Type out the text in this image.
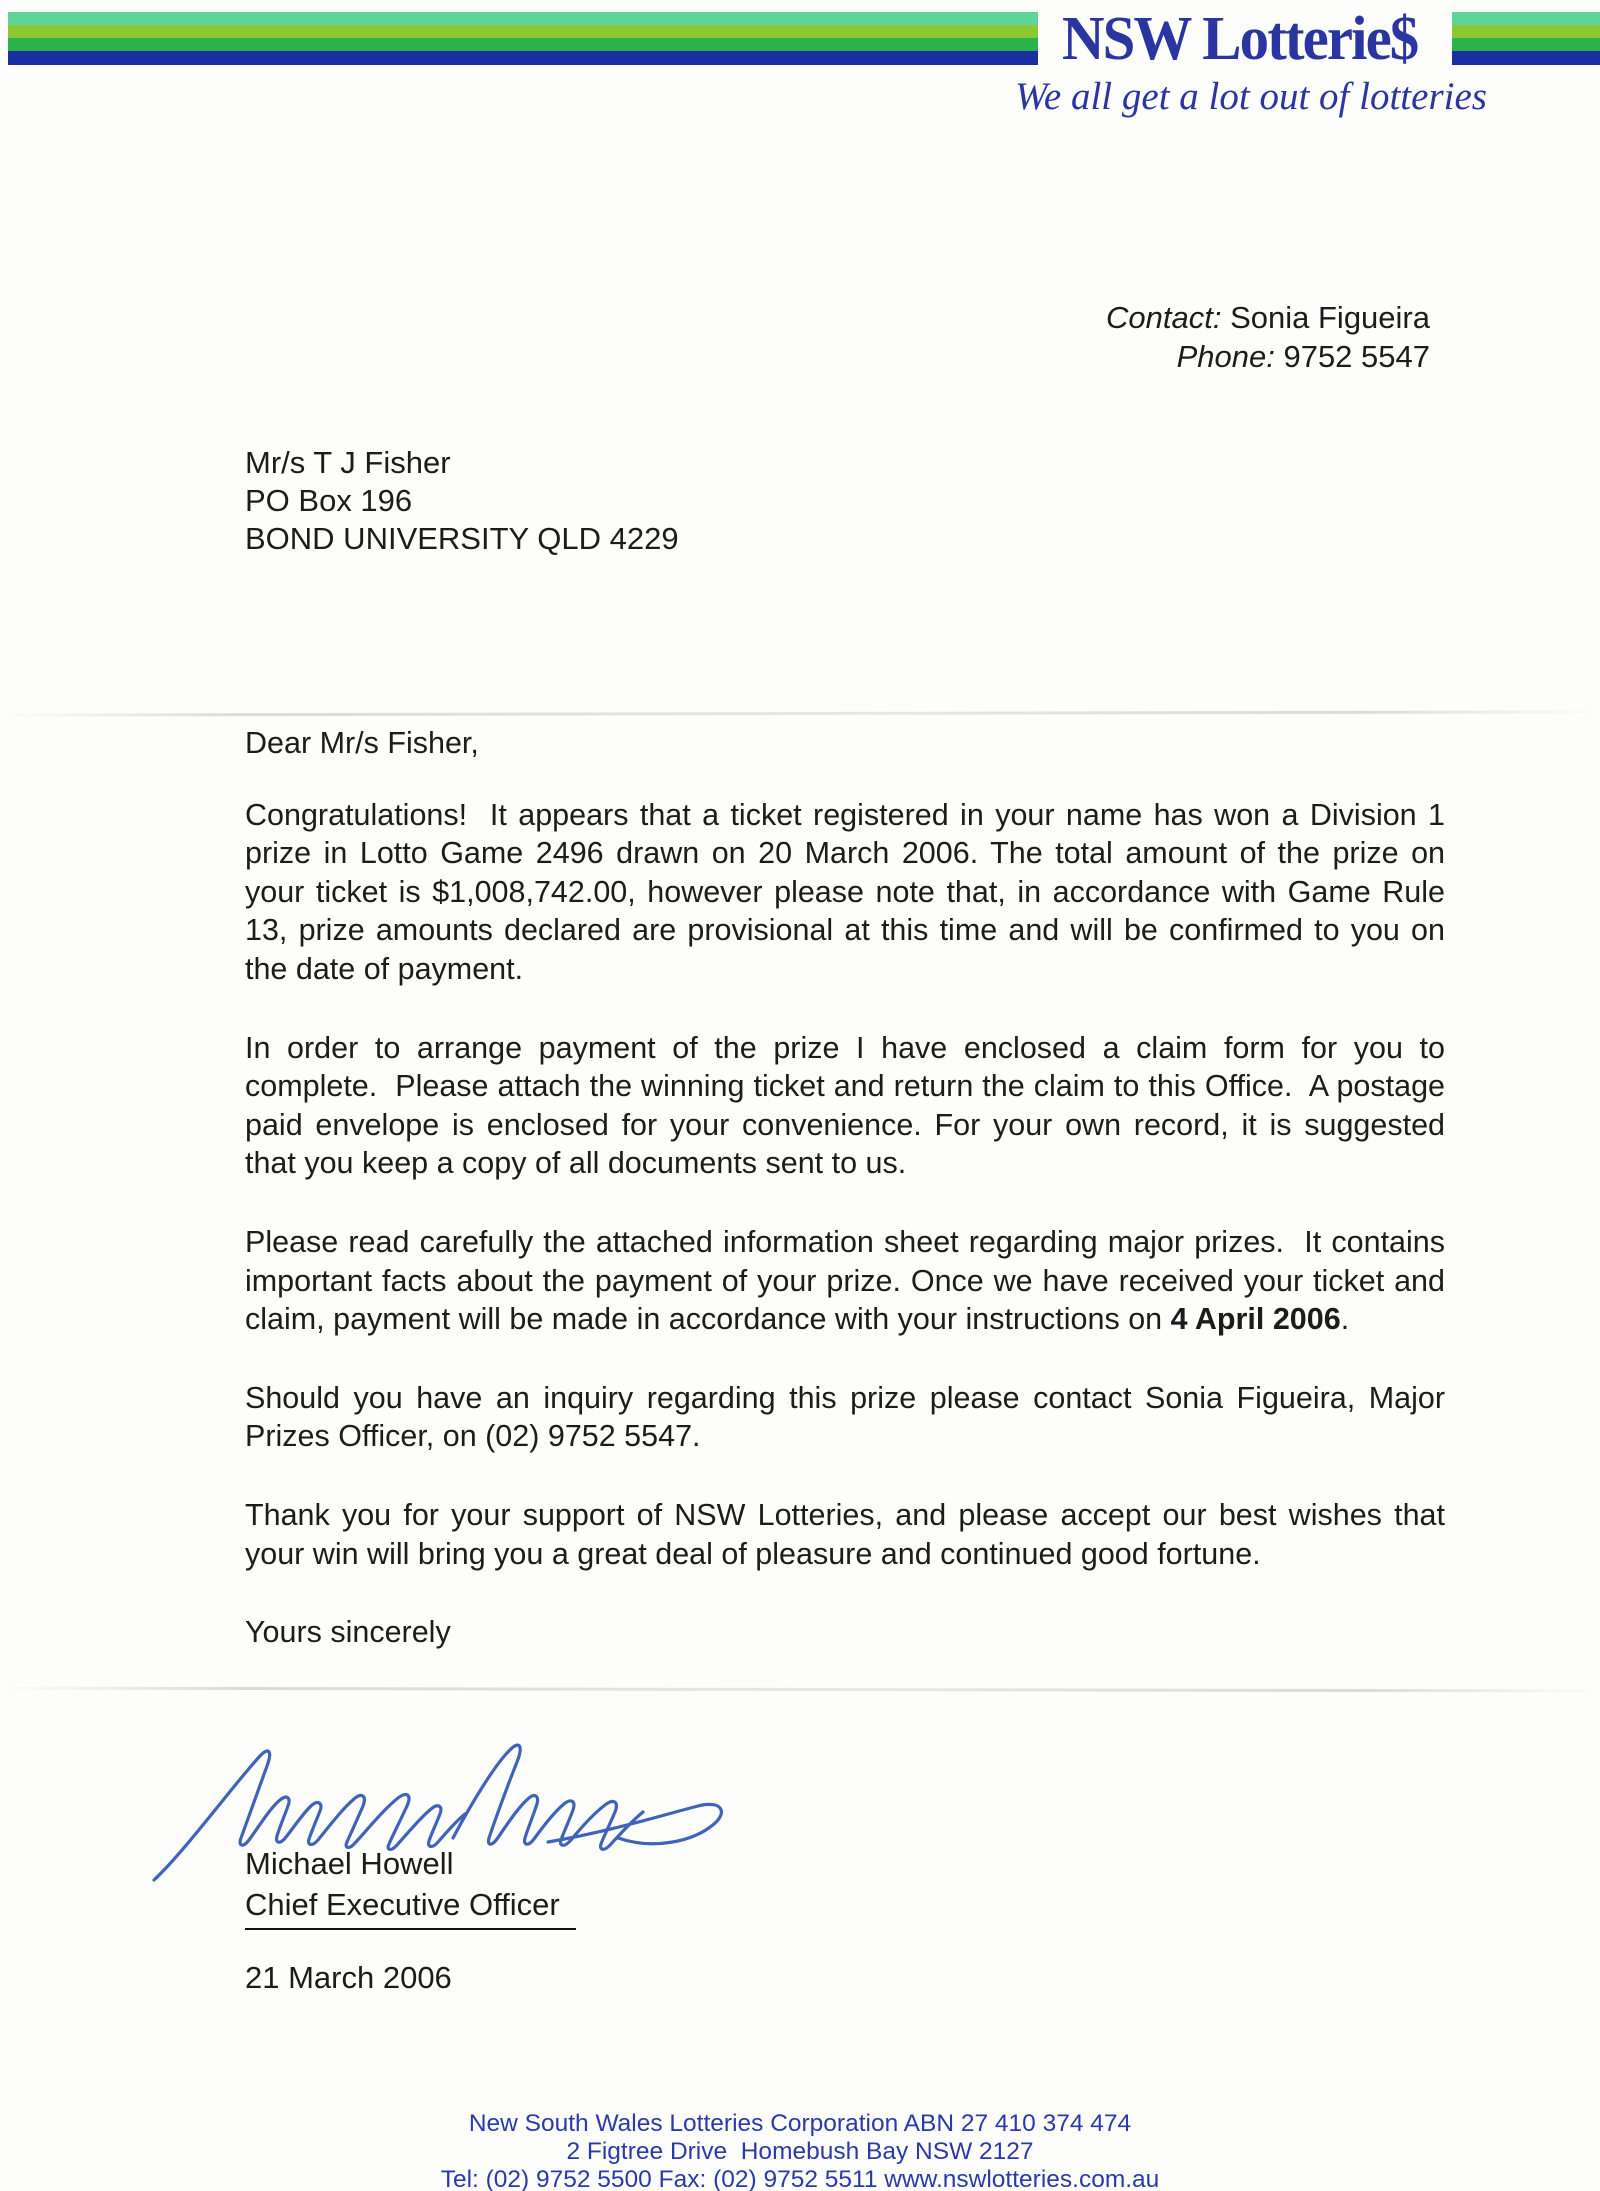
NSW Lotterie$
We all get a lot out of lotteries
Contact: Sonia Figueira
Phone: 9752 5547
Mr/s T J Fisher
PO Box 196
BOND UNIVERSITY QLD 4229

Dear Mr/s Fisher,

Congratulations!  It appears that a ticket registered in your name has won a Division 1 prize in Lotto Game 2496 drawn on 20 March 2006. The total amount of the prize on your ticket is $1,008,742.00, however please note that, in accordance with Game Rule 13, prize amounts declared are provisional at this time and will be confirmed to you on the date of payment.

In order to arrange payment of the prize I have enclosed a claim form for you to complete.  Please attach the winning ticket and return the claim to this Office.  A postage paid envelope is enclosed for your convenience. For your own record, it is suggested that you keep a copy of all documents sent to us.

Please read carefully the attached information sheet regarding major prizes.  It contains important facts about the payment of your prize. Once we have received your ticket and claim, payment will be made in accordance with your instructions on 4 April 2006.

Should you have an inquiry regarding this prize please contact Sonia Figueira, Major Prizes Officer, on (02) 9752 5547.

Thank you for your support of NSW Lotteries, and please accept our best wishes that your win will bring you a great deal of pleasure and continued good fortune.

Yours sincerely

Michael Howell
Chief Executive Officer
21 March 2006
New South Wales Lotteries Corporation ABN 27 410 374 474
2 Figtree Drive  Homebush Bay NSW 2127
Tel: (02) 9752 5500 Fax: (02) 9752 5511 www.nswlotteries.com.au
